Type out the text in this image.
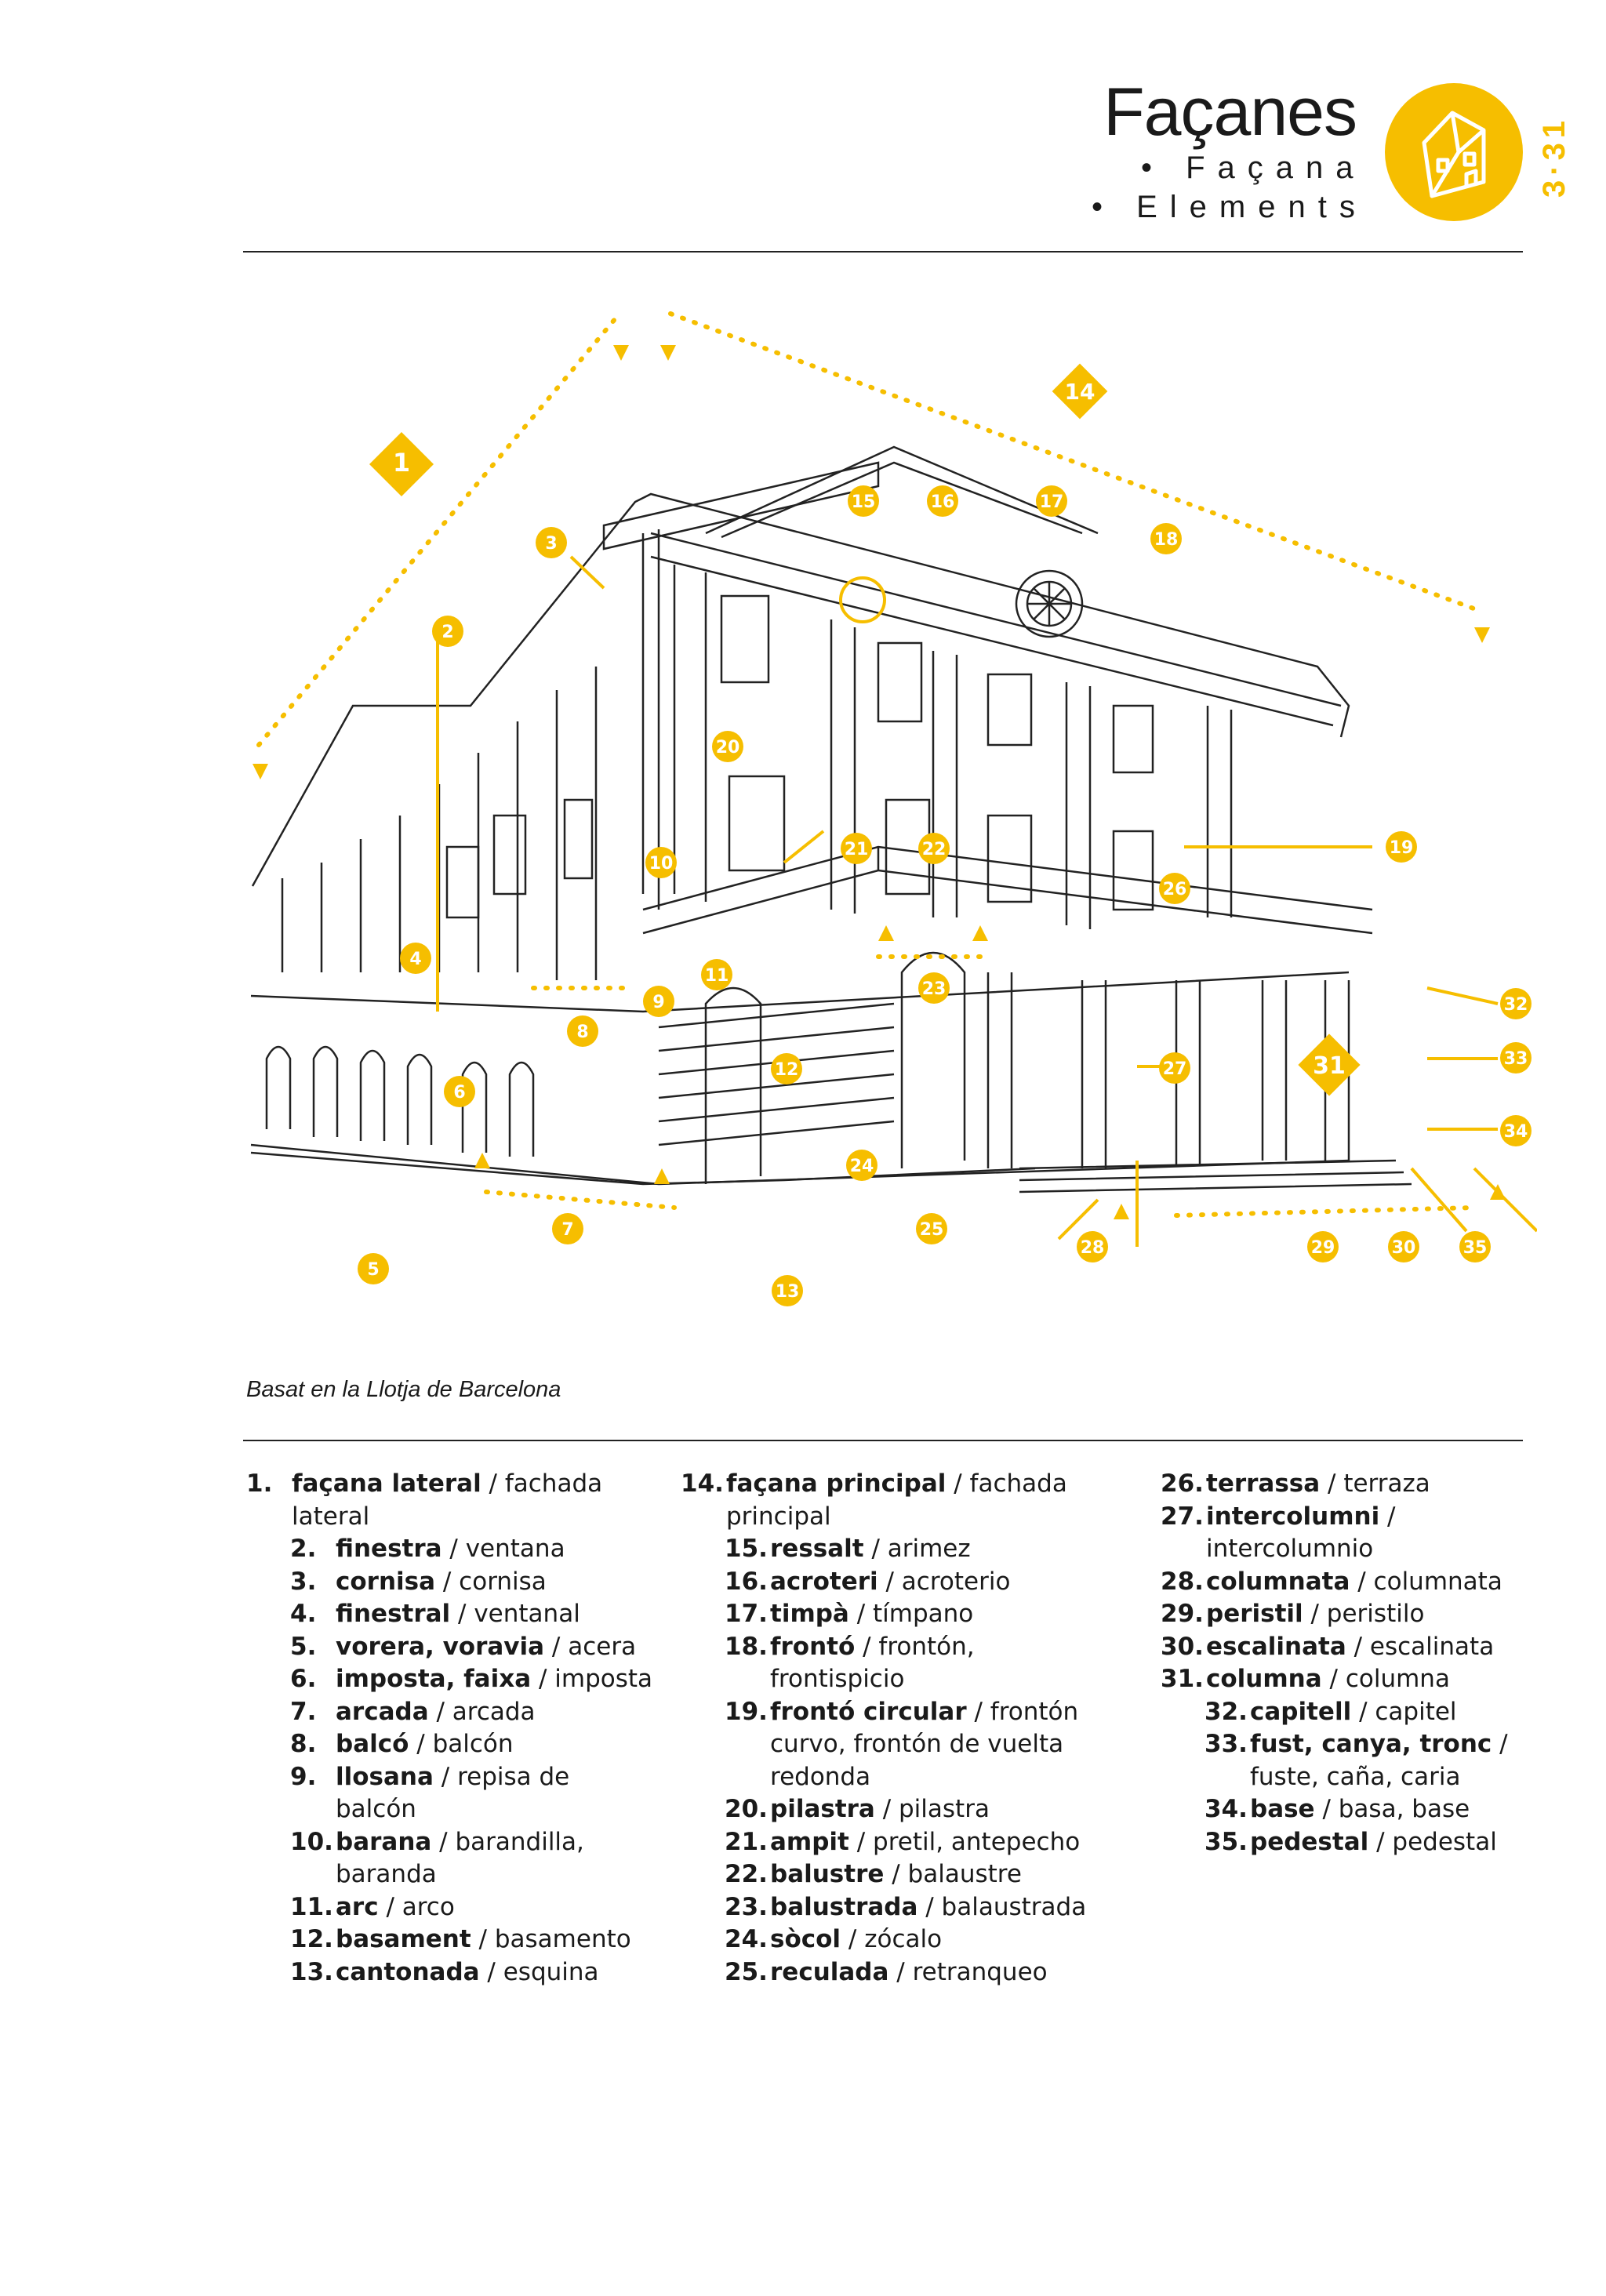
Façanes
• Façana
• Elements
3·31
1
2
3
4
5
6
7
8
9
10
11
12
13
14
15	16	17
18
19
20
21	22
23
24
25
26
27
28	29	30
31
32
33
34
35
Basat en la Llotja de Barcelona
1. façana lateral / fachada lateral
2. finestra / ventana
3. cornisa / cornisa
4. finestral / ventanal
5. vorera, voravia / acera
6. imposta, faixa / imposta
7. arcada / arcada
8. balcó / balcón
9. llosana / repisa de balcón
10. barana / barandilla, baranda
11. arc / arco
12. basament / basamento
13. cantonada / esquina
14. façana principal / fachada principal
15. ressalt / arimez
16. acroteri / acroterio
17. timpà / tímpano
18. frontó / frontón, frontispicio
19. frontó circular / frontón curvo, frontón de vuelta redonda
20. pilastra / pilastra
21. ampit / pretil, antepecho
22. balustre / balaustre
23. balustrada / balaustrada
24. sòcol / zócalo
25. reculada / retranqueo
26. terrassa / terraza
27. intercolumni / intercolumnio
28. columnata / columnata
29. peristil / peristilo
30. escalinata / escalinata
31. columna / columna
32. capitell / capitel
33. fust, canya, tronc / fuste, caña, caria
34. base / basa, base
35. pedestal / pedestal
